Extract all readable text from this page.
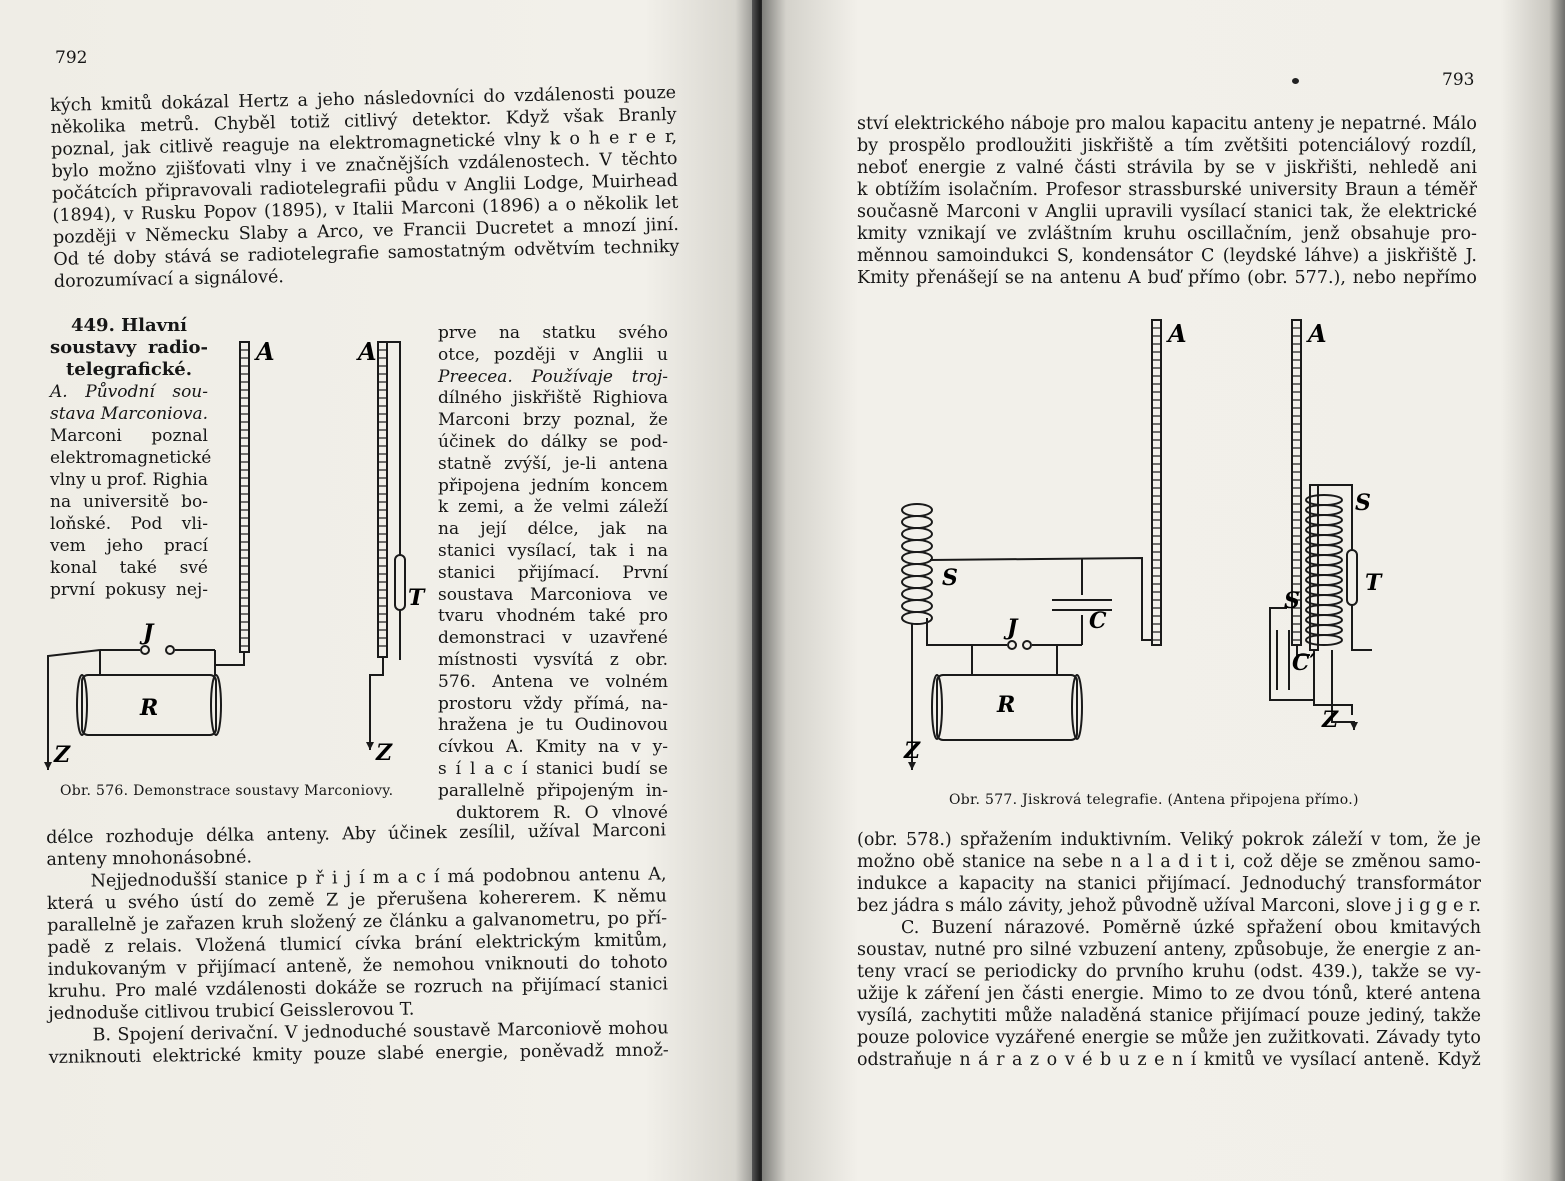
792
kých kmitů dokázal Hertz a jeho následovníci do vzdálenosti pouze
několika metrů. Chyběl totiž citlivý detektor. Když však Branly
poznal, jak citlivě reaguje na elektromagnetické vlny k o h e r e r,
bylo možno zjišťovati vlny i ve značnějších vzdálenostech. V těchto
počátcích připravovali radiotelegrafii půdu v Anglii Lodge, Muirhead
(1894), v Rusku Popov (1895), v Italii Marconi (1896) a o několik let
později v Německu Slaby a Arco, ve Francii Ducretet a mnozí jiní.
Od té doby stává se radiotelegrafie samostatným odvětvím techniky
dorozumívací a signálové.
449. Hlavní
soustavy radio-
telegrafické.
A. Původní sou-
stava Marconiova.
Marconi poznal
elektromagnetické
vlny u prof. Righia
na universitě bo-
loňské. Pod vli-
vem jeho prací
konal také své
první pokusy nej-
A	A
J
R
Z	Z
T
Obr. 576. Demonstrace soustavy Marconiovy.
prve na statku svého
otce, později v Anglii u
Preecea. Používaje troj-
dílného jiskřiště Righiova
Marconi brzy poznal, že
účinek do dálky se pod-
statně zvýší, je-li antena
připojena jedním koncem
k zemi, a že velmi záleží
na její délce, jak na
stanici vysílací, tak i na
stanici přijímací. První
soustava Marconiova ve
tvaru vhodném také pro
demonstraci v uzavřené
místnosti vysvítá z obr.
576. Antena ve volném
prostoru vždy přímá, na-
hražena je tu Oudinovou
cívkou A. Kmity na v y-
s í l a c í stanici budí se
parallelně připojeným in-
duktorem R. O vlnové
délce rozhoduje délka anteny. Aby účinek zesílil, užíval Marconi
anteny mnohonásobné.
Nejjednodušší stanice p ř i j í m a c í má podobnou antenu A,
která u svého ústí do země Z je přerušena kohererem. K němu
parallelně je zařazen kruh složený ze článku a galvanometru, po pří-
padě z relais. Vložená tlumicí cívka brání elektrickým kmitům,
indukovaným v přijímací anteně, že nemohou vniknouti do tohoto
kruhu. Pro malé vzdálenosti dokáže se rozruch na přijímací stanici
jednoduše citlivou trubicí Geisslerovou T.
B. Spojení derivační. V jednoduché soustavě Marconiově mohou
vzniknouti elektrické kmity pouze slabé energie, poněvadž množ-
793
ství elektrického náboje pro malou kapacitu anteny je nepatrné. Málo
by prospělo prodloužiti jiskřiště a tím zvětšiti potenciálový rozdíl,
neboť energie z valné části strávila by se v jiskřišti, nehledě ani
k obtížím isolačním. Profesor strassburské university Braun a téměř
současně Marconi v Anglii upravili vysílací stanici tak, že elektrické
kmity vznikají ve zvláštním kruhu oscillačním, jenž obsahuje pro-
měnnou samoindukci S, kondensátor C (leydské láhve) a jiskřiště J.
Kmity přenášejí se na antenu A buď přímo (obr. 577.), nebo nepřímo
A	A
S
S
S
J	C
C′
R
T
Z
Z
Obr. 577. Jiskrová telegrafie. (Antena připojena přímo.)
(obr. 578.) spřažením induktivním. Veliký pokrok záleží v tom, že je
možno obě stanice na sebe n a l a d i t i, což děje se změnou samo-
indukce a kapacity na stanici přijímací. Jednoduchý transformátor
bez jádra s málo závity, jehož původně užíval Marconi, slove j i g g e r.
C. Buzení nárazové. Poměrně úzké spřažení obou kmitavých
soustav, nutné pro silné vzbuzení anteny, způsobuje, že energie z an-
teny vrací se periodicky do prvního kruhu (odst. 439.), takže se vy-
užije k záření jen části energie. Mimo to ze dvou tónů, které antena
vysílá, zachytiti může naladěná stanice přijímací pouze jediný, takže
pouze polovice vyzářené energie se může jen zužitkovati. Závady tyto
odstraňuje n á r a z o v é b u z e n í kmitů ve vysílací anteně. Když
